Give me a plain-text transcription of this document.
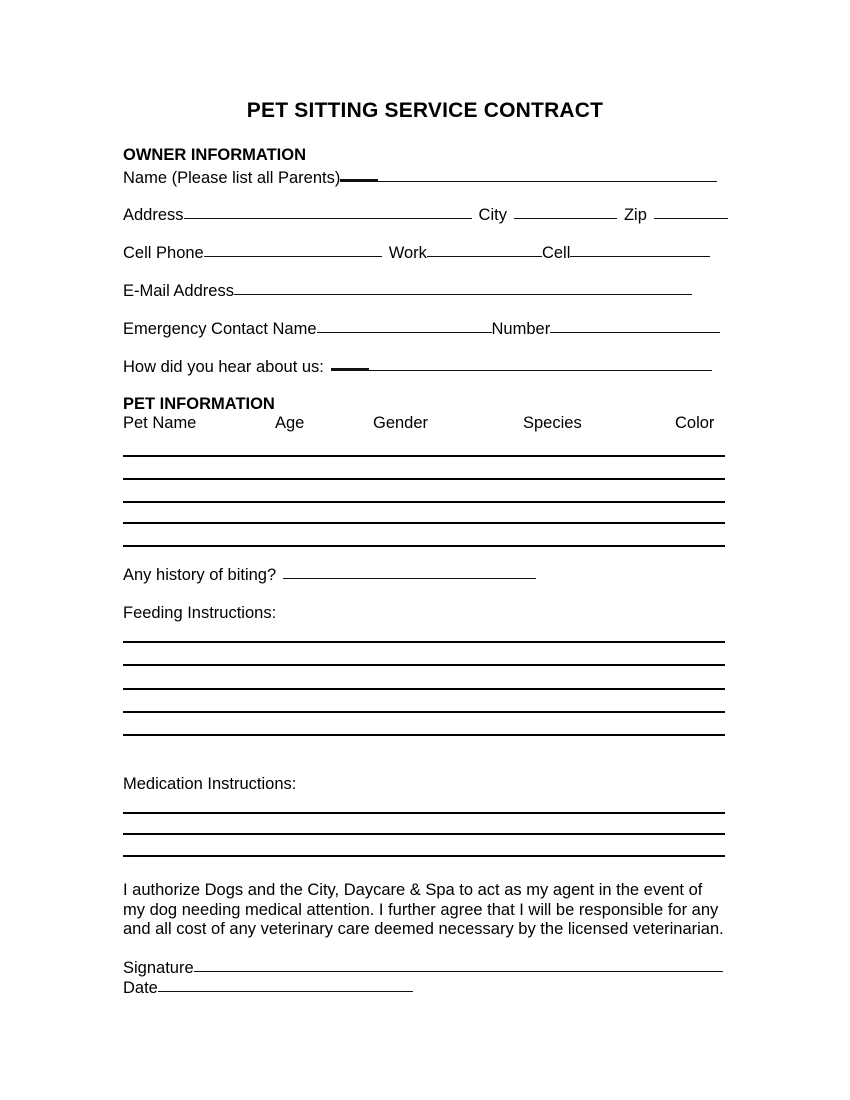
PET SITTING SERVICE CONTRACT
OWNER INFORMATION
Name (Please list all Parents)
Address	City	Zip
Cell Phone	Work	Cell
E-Mail Address
Emergency Contact Name	Number
How did you hear about us:
PET INFORMATION
Pet Name	Age	Gender	Species	Color
Any history of biting?
Feeding Instructions:
Medication Instructions:
I authorize Dogs and the City, Daycare & Spa to act as my agent in the event of my dog needing medical attention. I further agree that I will be responsible for any and all cost of any veterinary care deemed necessary by the licensed veterinarian.
Signature
Date
